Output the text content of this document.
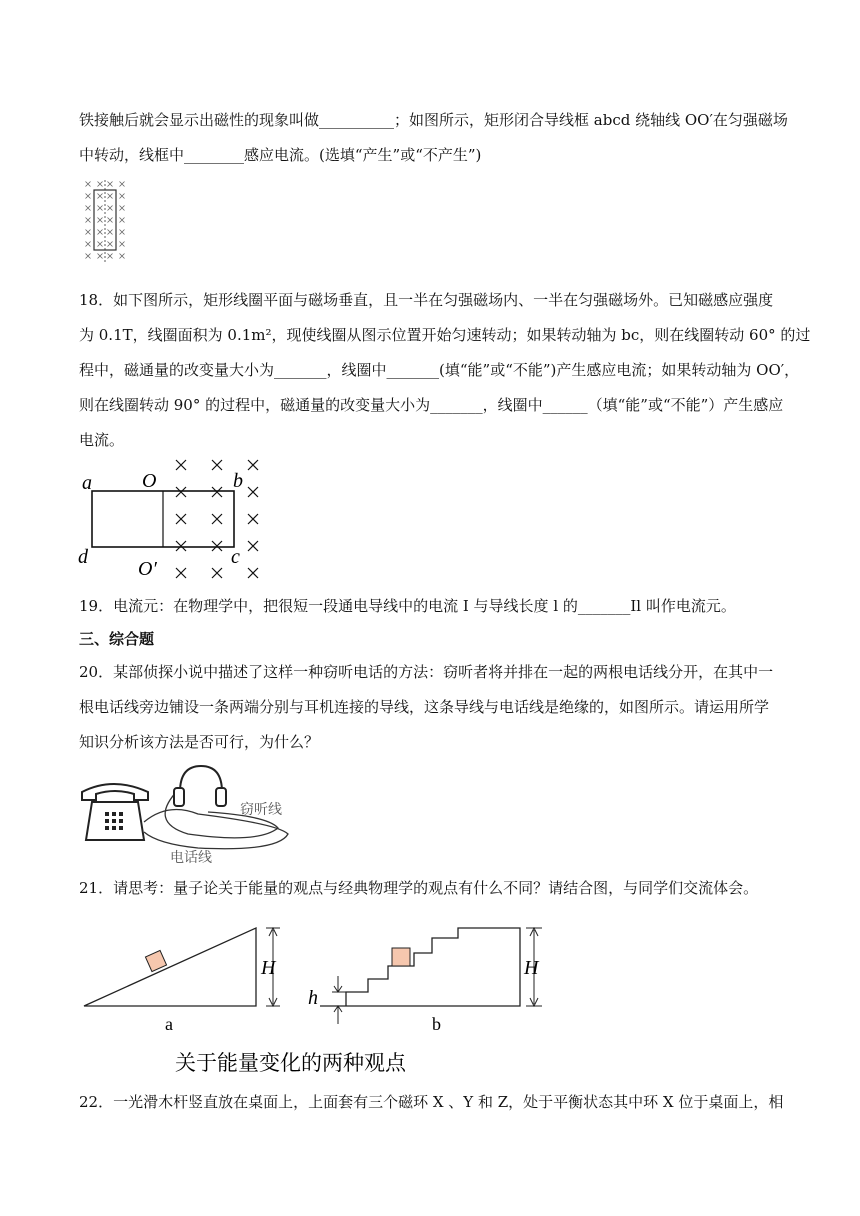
铁接触后就会显示出磁性的现象叫做__________；如图所示，矩形闭合导线框 abcd 绕轴线 OO′在匀强磁场
中转动，线框中________感应电流。(选填“产生”或“不产生”)
18．如下图所示，矩形线圈平面与磁场垂直，且一半在匀强磁场内、一半在匀强磁场外。已知磁感应强度
为 0.1T，线圈面积为 0.1m²，现使线圈从图示位置开始匀速转动；如果转动轴为 bc，则在线圈转动 60° 的过
程中，磁通量的改变量大小为_______，线圈中_______(填“能”或“不能”)产生感应电流；如果转动轴为 OO′，
则在线圈转动 90° 的过程中，磁通量的改变量大小为_______，线圈中______（填“能”或“不能”）产生感应
电流。
a	O	b
d
O′
c
19．电流元：在物理学中，把很短一段通电导线中的电流 I 与导线长度 l 的_______Il 叫作电流元。
三、综合题
20．某部侦探小说中描述了这样一种窃听电话的方法：窃听者将并排在一起的两根电话线分开，在其中一
根电话线旁边铺设一条两端分别与耳机连接的导线，这条导线与电话线是绝缘的，如图所示。请运用所学
知识分析该方法是否可行，为什么？
窃听线
电话线
21．请思考：量子论关于能量的观点与经典物理学的观点有什么不同？请结合图，与同学们交流体会。
H
a
H
h
b
关于能量变化的两种观点
22．一光滑木杆竖直放在桌面上，上面套有三个磁环 X 、Y 和 Z，处于平衡状态其中环 X 位于桌面上，相
